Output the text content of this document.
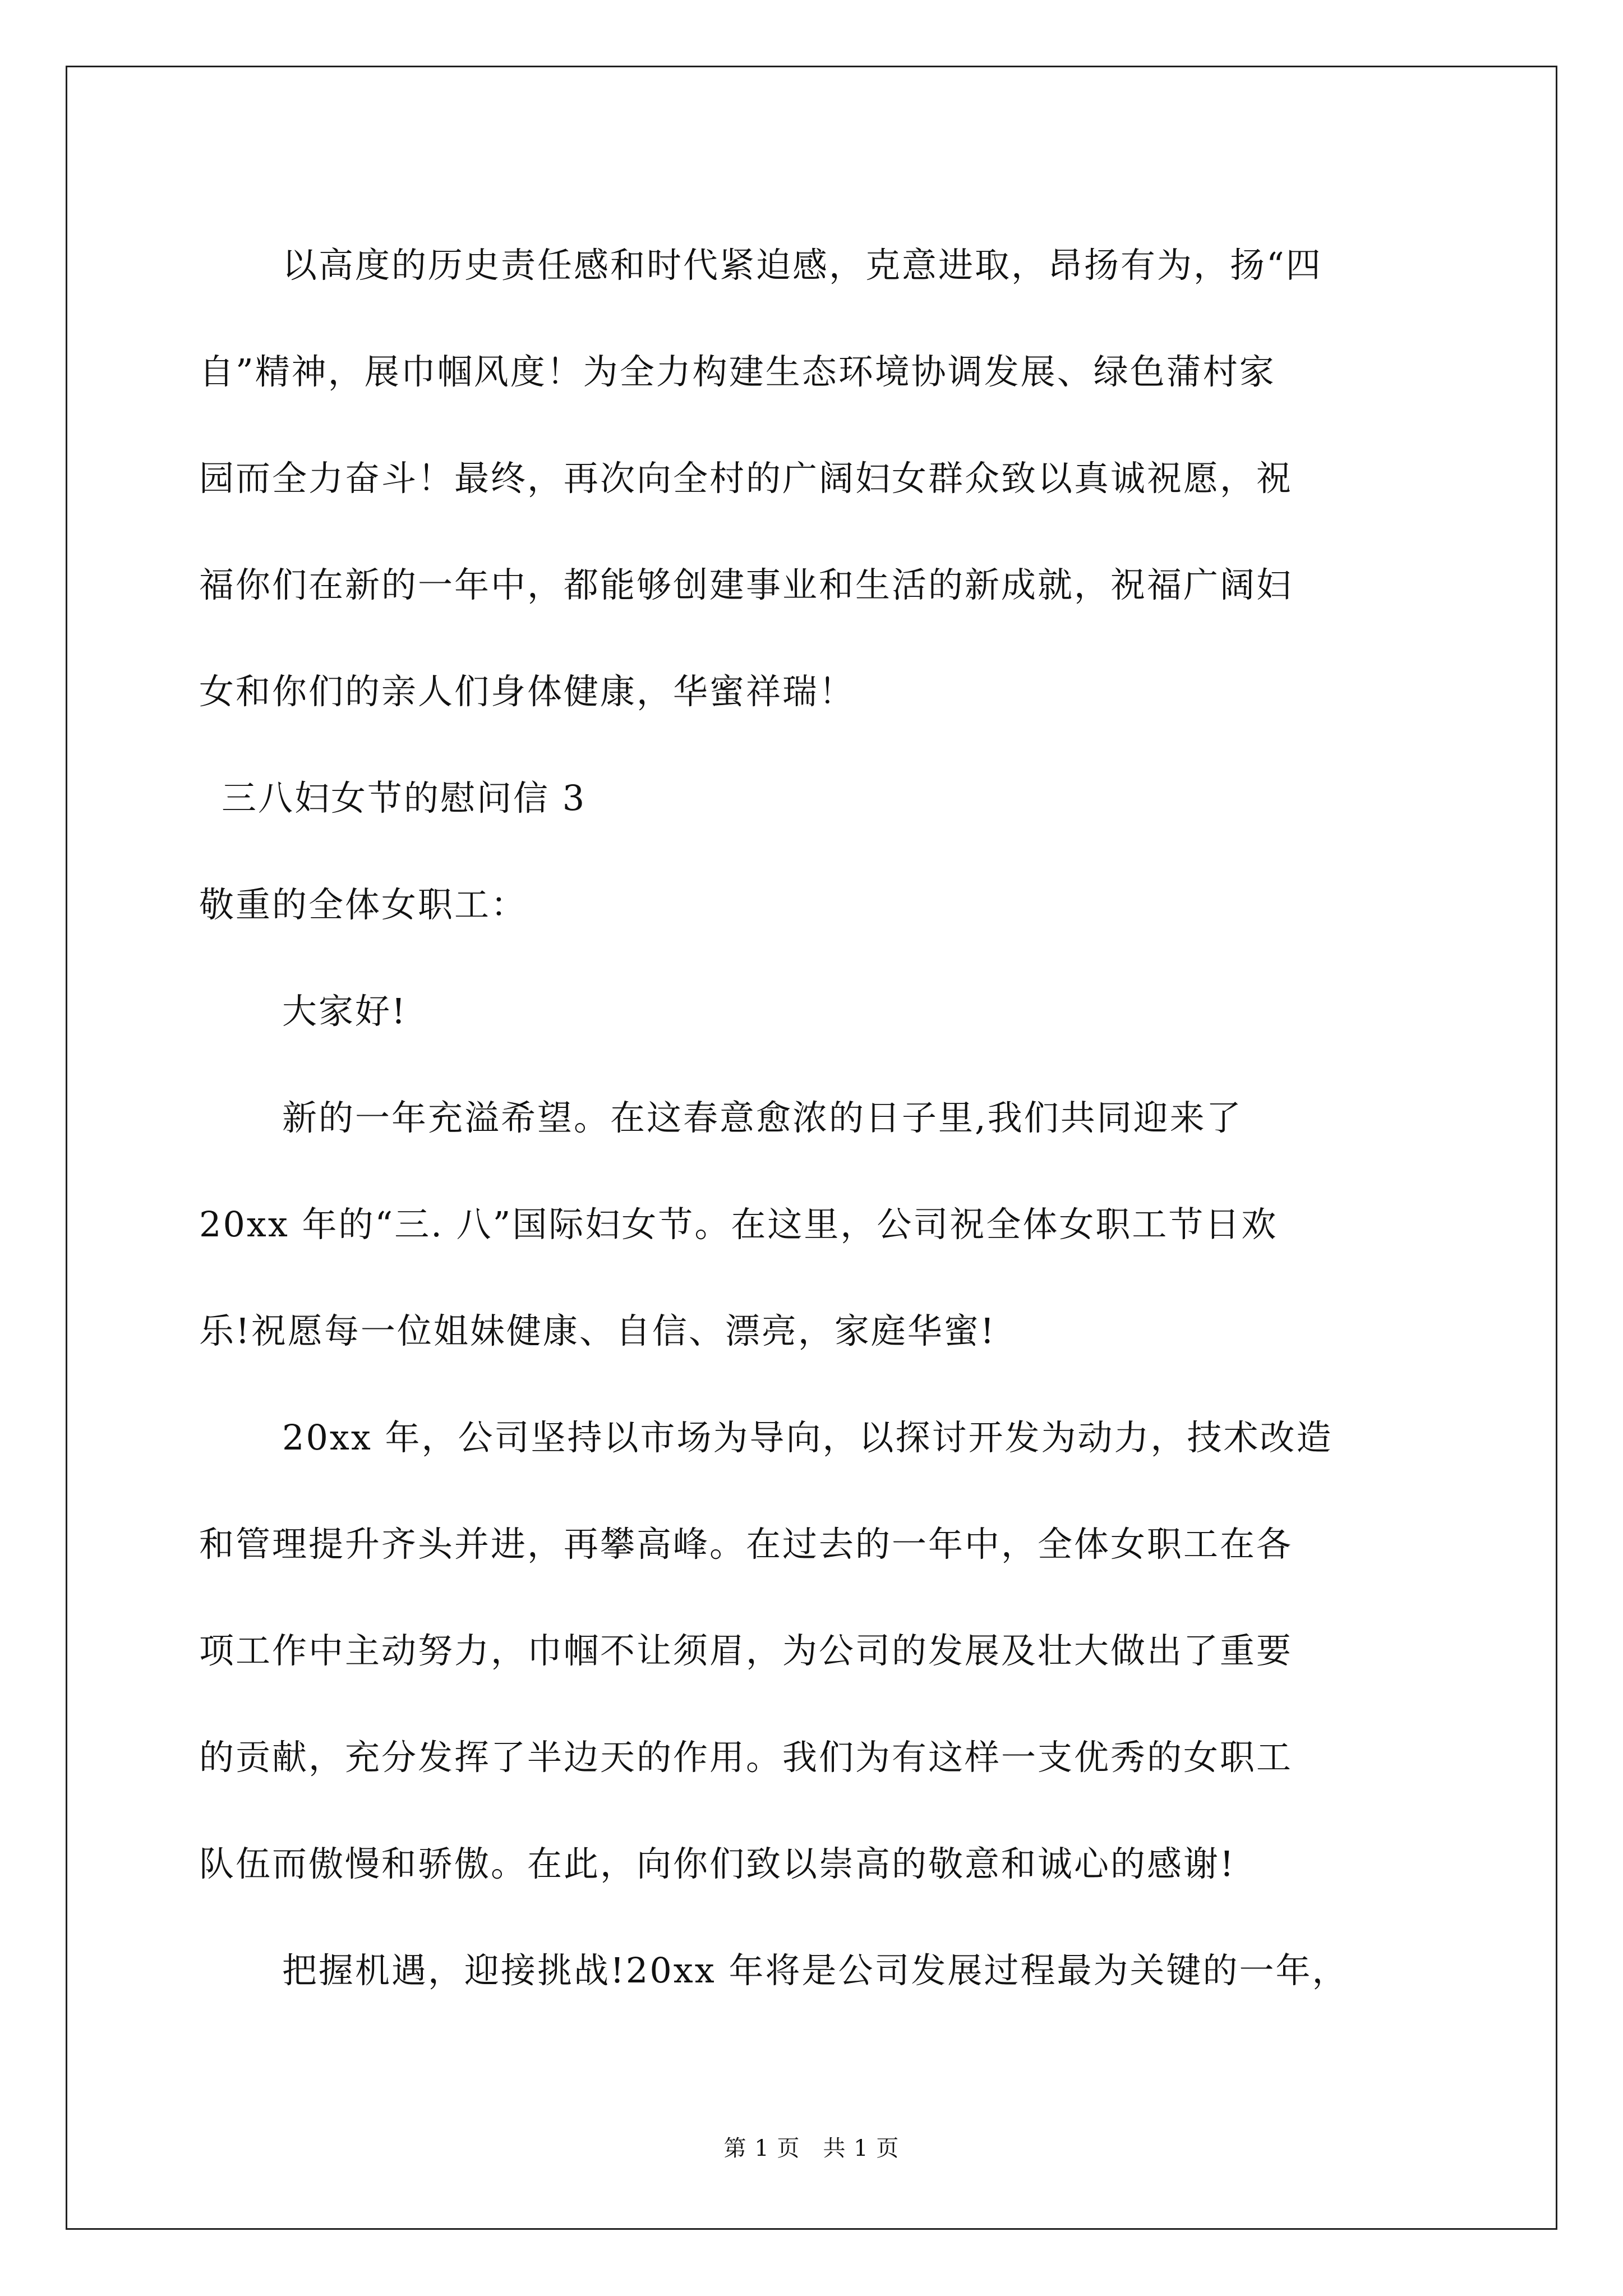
以高度的历史责任感和时代紧迫感，克意进取，昂扬有为，扬“四
自”精神，展巾帼风度！为全力构建生态环境协调发展、绿色蒲村家
园而全力奋斗！最终，再次向全村的广阔妇女群众致以真诚祝愿，祝
福你们在新的一年中，都能够创建事业和生活的新成就，祝福广阔妇
女和你们的亲人们身体健康，华蜜祥瑞！
三八妇女节的慰问信 3
敬重的全体女职工：
大家好!
新的一年充溢希望。在这春意愈浓的日子里,我们共同迎来了
20xx 年的“三. 八”国际妇女节。在这里，公司祝全体女职工节日欢
乐!祝愿每一位姐妹健康、自信、漂亮，家庭华蜜!
20xx 年，公司坚持以市场为导向，以探讨开发为动力，技术改造
和管理提升齐头并进，再攀高峰。在过去的一年中，全体女职工在各
项工作中主动努力，巾帼不让须眉，为公司的发展及壮大做出了重要
的贡献，充分发挥了半边天的作用。我们为有这样一支优秀的女职工
队伍而傲慢和骄傲。在此，向你们致以崇高的敬意和诚心的感谢!
把握机遇，迎接挑战!20xx 年将是公司发展过程最为关键的一年，
第 1 页　共 1 页
